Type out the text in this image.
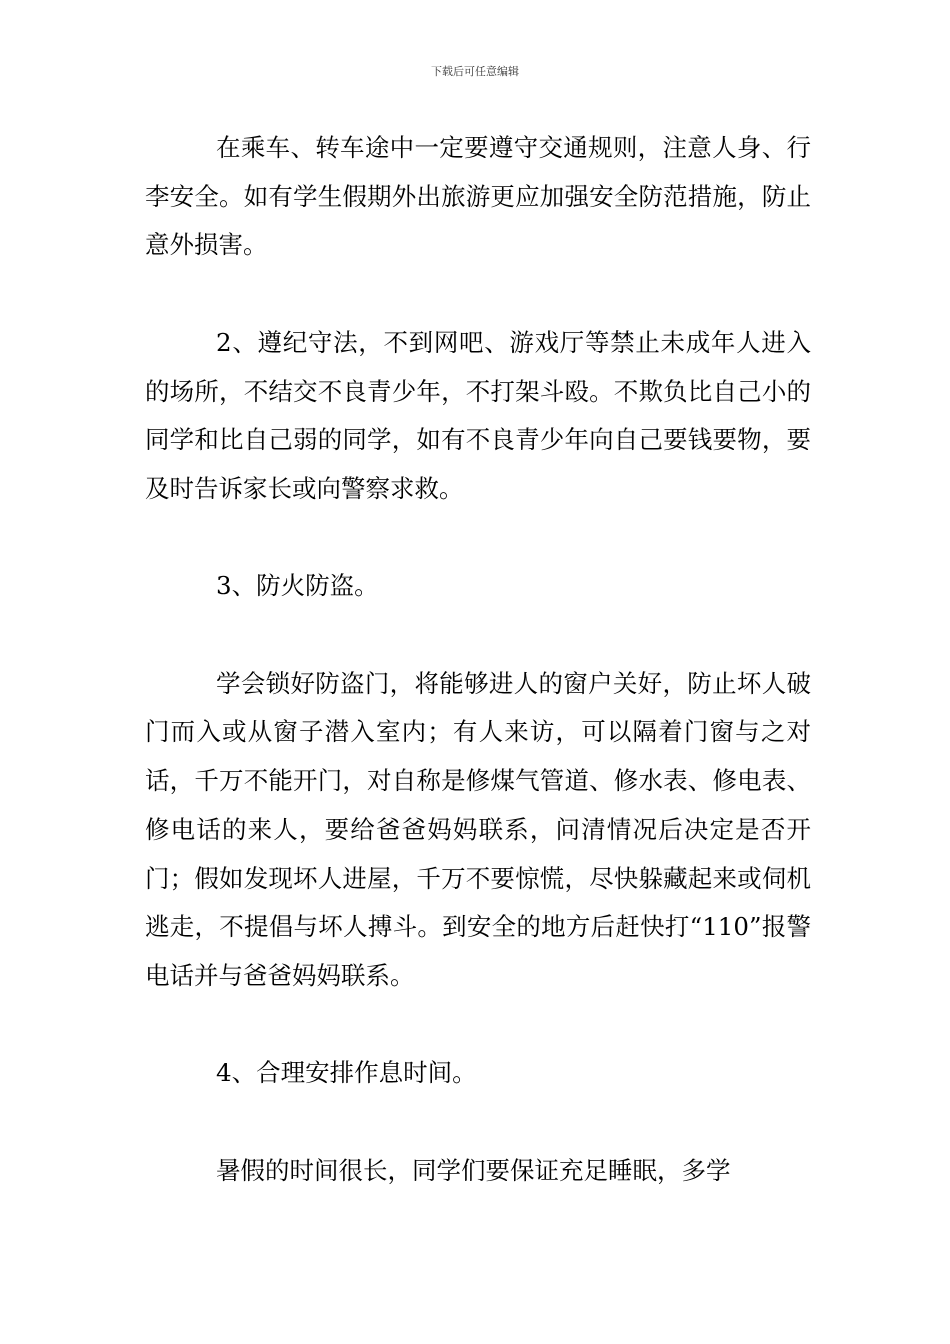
下载后可任意编辑

在乘车、转车途中一定要遵守交通规则，注意人身、行李安全。如有学生假期外出旅游更应加强安全防范措施，防止意外损害。

2、遵纪守法，不到网吧、游戏厅等禁止未成年人进入的场所，不结交不良青少年，不打架斗殴。不欺负比自己小的同学和比自己弱的同学，如有不良青少年向自己要钱要物，要及时告诉家长或向警察求救。

3、防火防盗。

学会锁好防盗门，将能够进人的窗户关好，防止坏人破门而入或从窗子潜入室内；有人来访，可以隔着门窗与之对话，千万不能开门，对自称是修煤气管道、修水表、修电表、修电话的来人，要给爸爸妈妈联系，问清情况后决定是否开门；假如发现坏人进屋，千万不要惊慌，尽快躲藏起来或伺机逃走，不提倡与坏人搏斗。到安全的地方后赶快打“110”报警电话并与爸爸妈妈联系。

4、合理安排作息时间。

暑假的时间很长，同学们要保证充足睡眠，多学
